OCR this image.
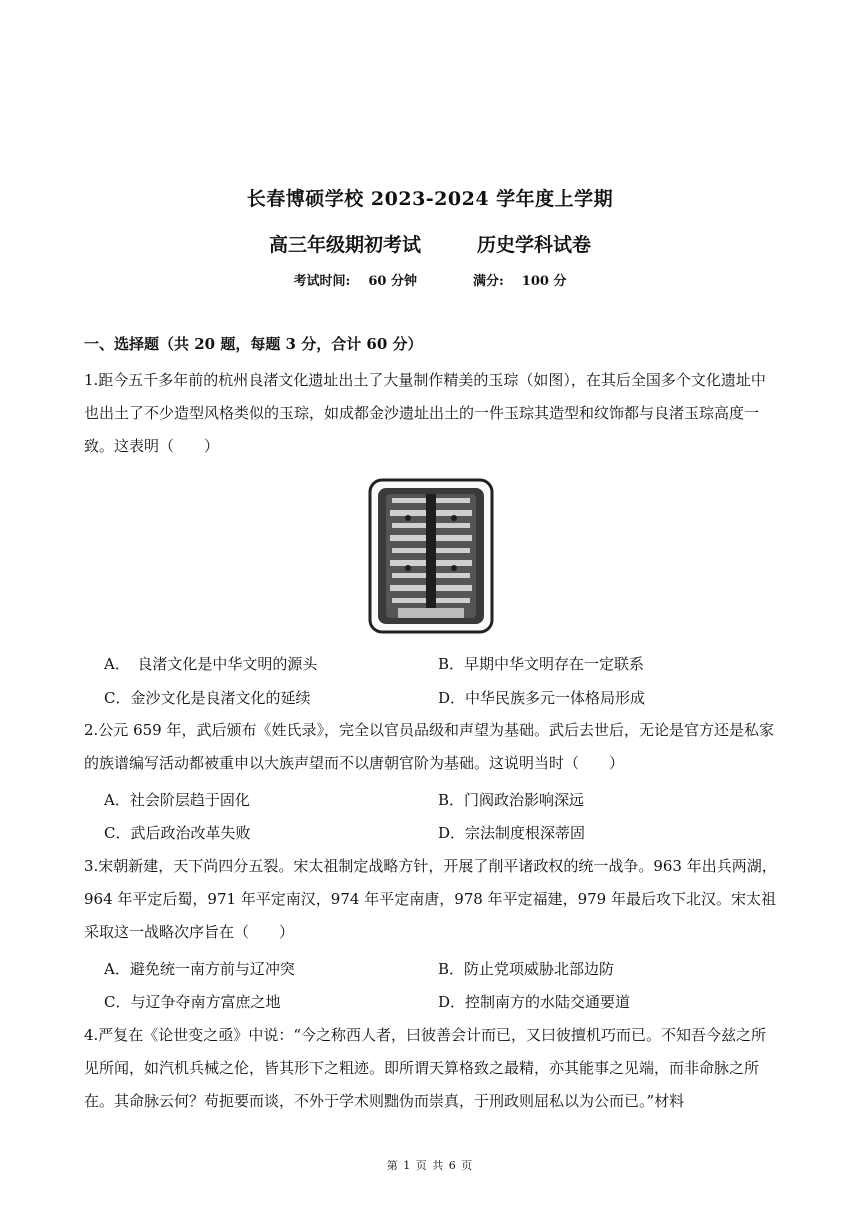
长春博硕学校 2023-2024 学年度上学期
高三年级期初考试	历史学科试卷
考试时间: 60 分钟	满分: 100 分
一、选择题（共 20 题，每题 3 分，合计 60 分）
1.距今五千多年前的杭州良渚文化遗址出土了大量制作精美的玉琮（如图），在其后全国多个文化遗址中也出土了不少造型风格类似的玉琮，如成都金沙遗址出土的一件玉琮其造型和纹饰都与良渚玉琮高度一致。这表明（　　）
A．　良渚文化是中华文明的源头	B．早期中华文明存在一定联系
C．金沙文化是良渚文化的延续	D．中华民族多元一体格局形成
2.公元 659 年，武后颁布《姓氏录》，完全以官员品级和声望为基础。武后去世后，无论是官方还是私家的族谱编写活动都被重申以大族声望而不以唐朝官阶为基础。这说明当时（　　）
A．社会阶层趋于固化	B．门阀政治影响深远
C．武后政治改革失败	D．宗法制度根深蒂固
3.宋朝新建，天下尚四分五裂。宋太祖制定战略方针，开展了削平诸政权的统一战争。963 年出兵两湖，964 年平定后蜀，971 年平定南汉，974 年平定南唐，978 年平定福建，979 年最后攻下北汉。宋太祖采取这一战略次序旨在（　　）
A．避免统一南方前与辽冲突	B．防止党项威胁北部边防
C．与辽争夺南方富庶之地	D．控制南方的水陆交通要道
4.严复在《论世变之亟》中说：“今之称西人者，曰彼善会计而已，又曰彼擅机巧而已。不知吾今兹之所见所闻，如汽机兵械之伦，皆其形下之粗迹。即所谓天算格致之最精，亦其能事之见端，而非命脉之所在。其命脉云何？苟扼要而谈，不外于学术则黜伪而崇真，于刑政则屈私以为公而已。”材料
第 1 页 共 6 页
